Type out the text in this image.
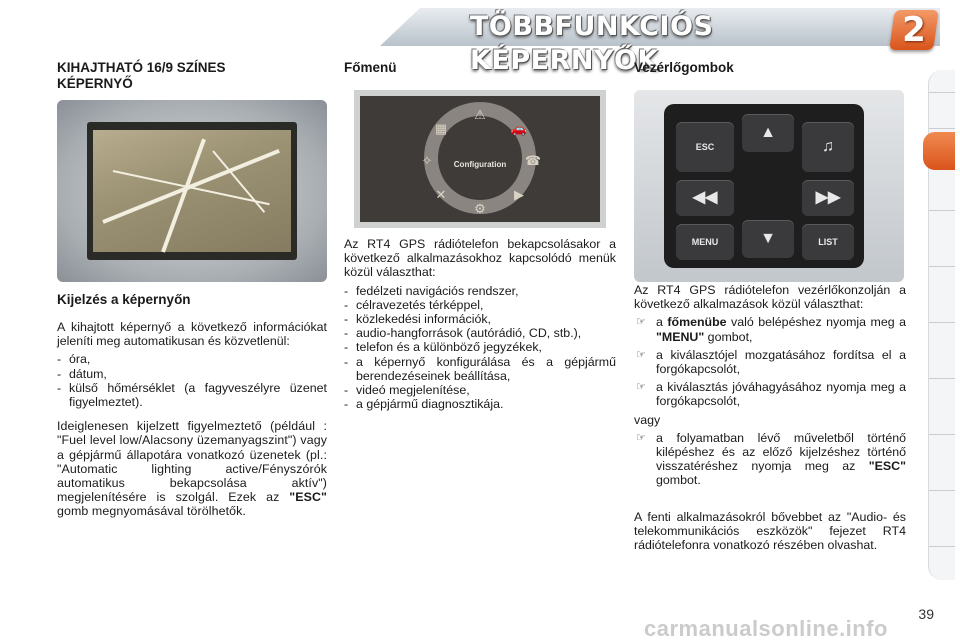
TÖBBFUNKCIÓS KÉPERNYŐK
2
KIHAJTHATÓ 16/9 SZÍNES KÉPERNYŐ
Kijelzés a képernyőn

A kihajtott képernyő a következő információkat jeleníti meg automatikusan és közvetlenül:

- óra,
- dátum,
- külső hőmérséklet (a fagyveszélyre üzenet figyelmeztet).

Ideiglenesen kijelzett figyelmeztető (például : "Fuel level low/Alacsony üzemanyagszint") vagy a gépjármű állapotára vonatkozó üzenetek (pl.: "Automatic lighting active/Fényszórók automatikus bekapcsolása aktív") megjelenítésére is szolgál. Ezek az "ESC" gomb megnyomásával törölhetők.

Főmenü
Configuration
⚠
🚗
☎
▶
⚙
✕
✧
▦

Az RT4 GPS rádiótelefon bekapcsolásakor a következő alkalmazásokhoz kapcsolódó menük közül választhat:

- fedélzeti navigációs rendszer,
- célravezetés térképpel,
- közlekedési információk,
- audio-hangforrások (autórádió, CD, stb.),
- telefon és a különböző jegyzékek,
- a képernyő konfigurálása és a gépjármű berendezéseinek beállítása,
- videó megjelenítése,
- a gépjármű diagnosztikája.
Vezérlőgombok
ESC
▲
♫
◀◀	▶▶
▼
MENU	LIST

Az RT4 GPS rádiótelefon vezérlőkonzolján a következő alkalmazások közül választhat:

☞ a főmenübe való belépéshez nyomja meg a "MENU" gombot,
☞ a kiválasztójel mozgatásához fordítsa el a forgókapcsolót,
☞ a kiválasztás jóváhagyásához nyomja meg a forgókapcsolót,

vagy

☞ a folyamatban lévő műveletből történő kilépéshez és az előző kijelzéshez történő visszatéréshez nyomja meg az "ESC" gombot.

A fenti alkalmazásokról bővebbet az "Audio- és telekommunikációs eszközök" fejezet RT4 rádiótelefonra vonatkozó részében olvashat.

39
carmanualsonline.info
